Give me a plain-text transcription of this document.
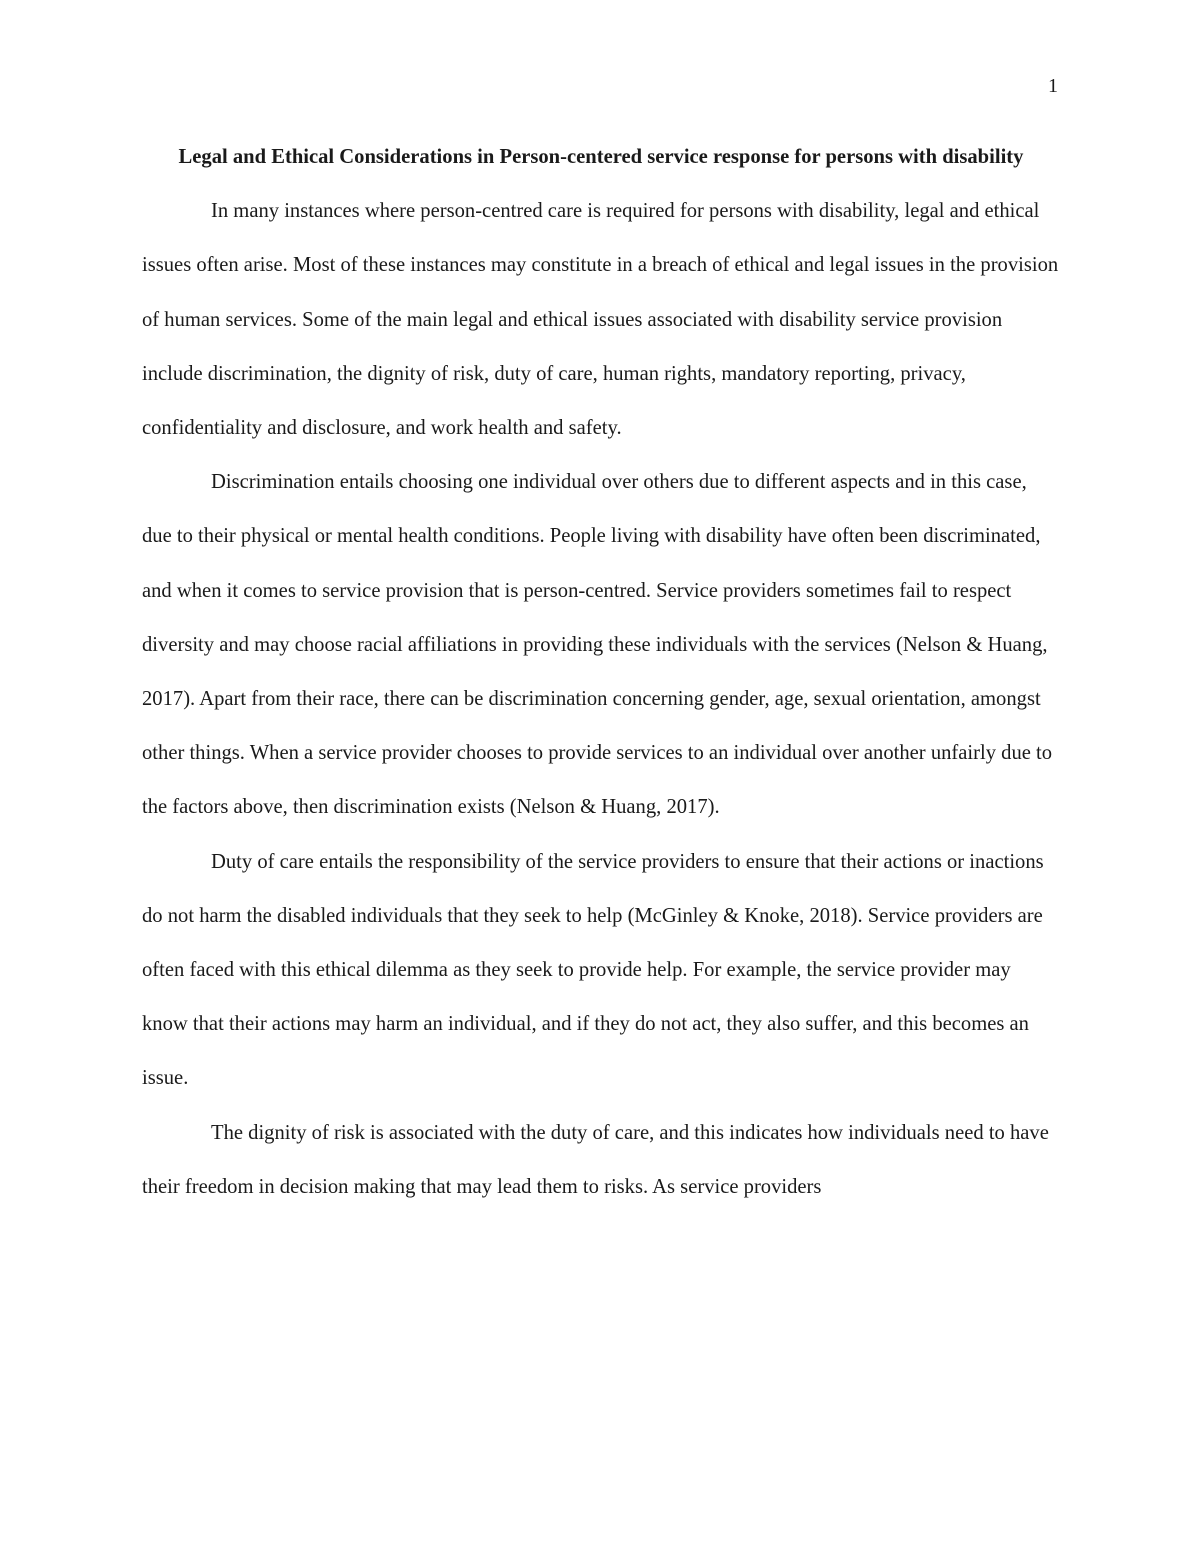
1
Legal and Ethical Considerations in Person-centered service response for persons with disability

In many instances where person-centred care is required for persons with disability, legal and ethical issues often arise. Most of these instances may constitute in a breach of ethical and legal issues in the provision of human services. Some of the main legal and ethical issues associated with disability service provision include discrimination, the dignity of risk, duty of care, human rights, mandatory reporting, privacy, confidentiality and disclosure, and work health and safety.

Discrimination entails choosing one individual over others due to different aspects and in this case, due to their physical or mental health conditions. People living with disability have often been discriminated, and when it comes to service provision that is person-centred. Service providers sometimes fail to respect diversity and may choose racial affiliations in providing these individuals with the services (Nelson & Huang, 2017). Apart from their race, there can be discrimination concerning gender, age, sexual orientation, amongst other things. When a service provider chooses to provide services to an individual over another unfairly due to the factors above, then discrimination exists (Nelson & Huang, 2017).

Duty of care entails the responsibility of the service providers to ensure that their actions or inactions do not harm the disabled individuals that they seek to help (McGinley & Knoke, 2018). Service providers are often faced with this ethical dilemma as they seek to provide help. For example, the service provider may know that their actions may harm an individual, and if they do not act, they also suffer, and this becomes an issue.

The dignity of risk is associated with the duty of care, and this indicates how individuals need to have their freedom in decision making that may lead them to risks. As service providers
